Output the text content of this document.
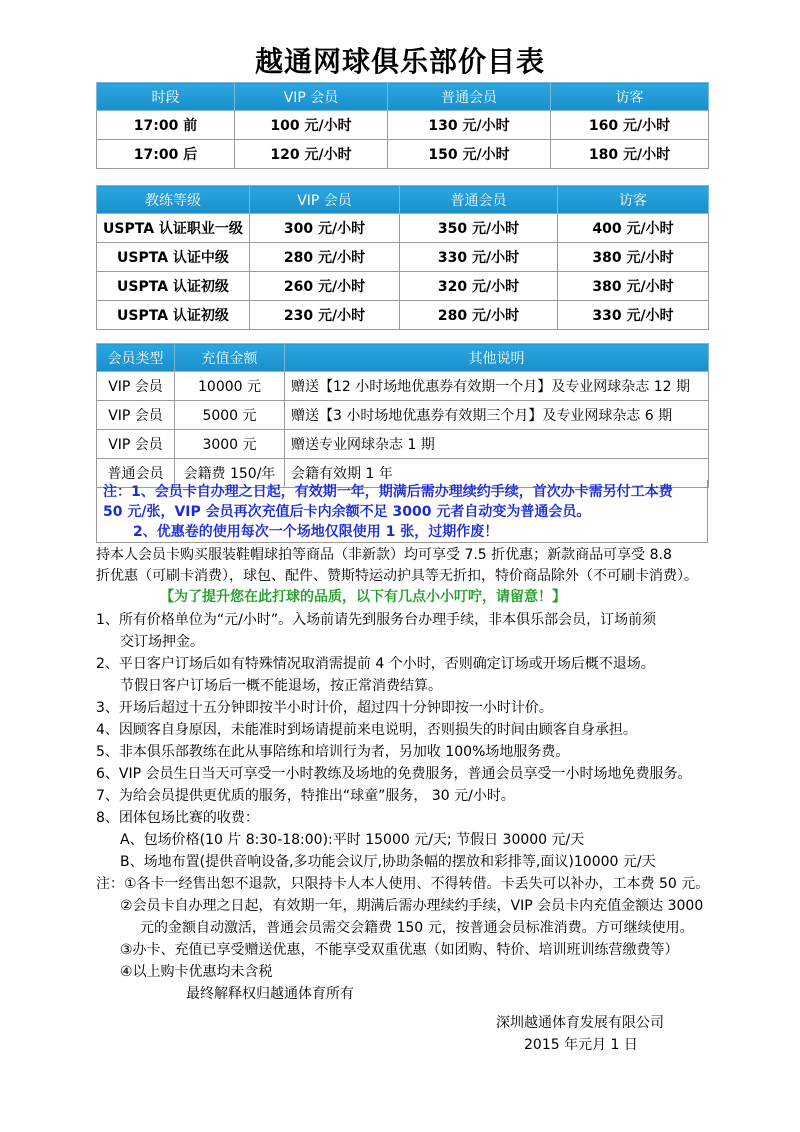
越通网球俱乐部价目表
时段	VIP 会员	普通会员	访客
17:00 前	100 元/小时	130 元/小时	160 元/小时
17:00 后	120 元/小时	150 元/小时	180 元/小时
教练等级	VIP 会员	普通会员	访客
USPTA 认证职业一级	300 元/小时	350 元/小时	400 元/小时
USPTA 认证中级	280 元/小时	330 元/小时	380 元/小时
USPTA 认证初级	260 元/小时	320 元/小时	380 元/小时
USPTA 认证初级	230 元/小时	280 元/小时	330 元/小时
会员类型	充值金额	其他说明
VIP 会员	10000 元	赠送【12 小时场地优惠券有效期一个月】及专业网球杂志 12 期
VIP 会员	5000 元	赠送【3 小时场地优惠券有效期三个月】及专业网球杂志 6 期
VIP 会员	3000 元	赠送专业网球杂志 1 期
普通会员	会籍费 150/年	会籍有效期 1 年
注：1、会员卡自办理之日起，有效期一年，期满后需办理续约手续，首次办卡需另付工本费
50 元/张，VIP 会员再次充值后卡内余额不足 3000 元者自动变为普通会员。
2、优惠卷的使用每次一个场地仅限使用 1 张，过期作废！
持本人会员卡购买服装鞋帽球拍等商品（非新款）均可享受 7.5 折优惠；新款商品可享受 8.8
折优惠（可刷卡消费），球包、配件、赞斯特运动护具等无折扣，特价商品除外（不可刷卡消费）。
【为了提升您在此打球的品质，以下有几点小小叮咛，请留意！】
1、所有价格单位为“元/小时”。入场前请先到服务台办理手续，非本俱乐部会员，订场前须
交订场押金。
2、平日客户订场后如有特殊情况取消需提前 4 个小时，否则确定订场或开场后概不退场。
节假日客户订场后一概不能退场，按正常消费结算。
3、开场后超过十五分钟即按半小时计价，超过四十分钟即按一小时计价。
4、因顾客自身原因，未能准时到场请提前来电说明，否则损失的时间由顾客自身承担。
5、非本俱乐部教练在此从事陪练和培训行为者，另加收 100%场地服务费。
6、VIP 会员生日当天可享受一小时教练及场地的免费服务，普通会员享受一小时场地免费服务。
7、为给会员提供更优质的服务，特推出“球童”服务， 30 元/小时。
8、团体包场比赛的收费：
A、包场价格(10 片 8:30-18:00):平时 15000 元/天; 节假日 30000 元/天
B、场地布置(提供音响设备,多功能会议厅,协助条幅的摆放和彩排等,面议)10000 元/天
注：①各卡一经售出恕不退款，只限持卡人本人使用、不得转借。卡丢失可以补办，工本费 50 元。
②会员卡自办理之日起，有效期一年，期满后需办理续约手续，VIP 会员卡内充值金额达 3000
元的金额自动激活，普通会员需交会籍费 150 元，按普通会员标准消费。方可继续使用。
③办卡、充值已享受赠送优惠，不能享受双重优惠（如团购、特价、培训班训练营缴费等）
④以上购卡优惠均未含税
最终解释权归越通体育所有
深圳越通体育发展有限公司
2015 年元月 1 日
